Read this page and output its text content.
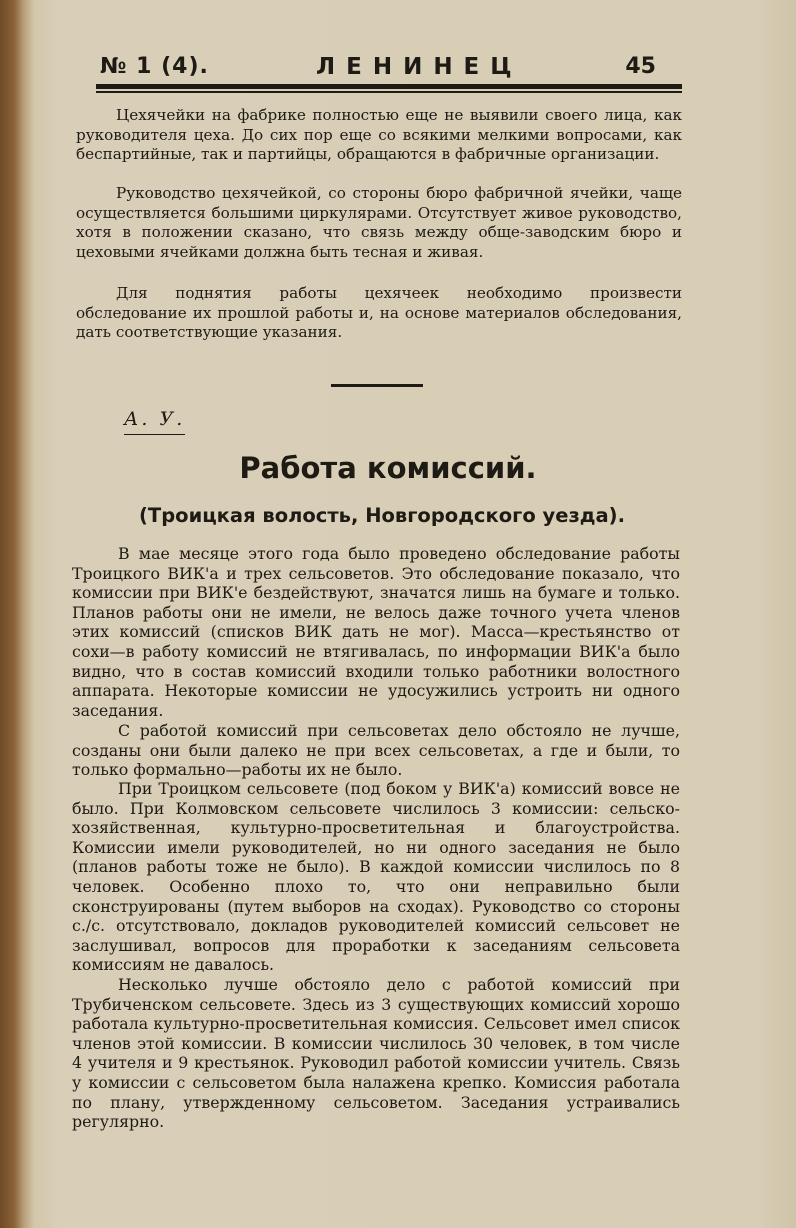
№ 1 (4).	ЛЕНИНЕЦ	45

Цехячейки на фабрике полностью еще не выявили своего лица, как руководителя цеха. До сих пор еще со всякими мелкими вопросами, как беспартийные, так и партийцы, обращаются в фабричные организации.

Руководство цехячейкой, со стороны бюро фабричной ячейки, чаще осуществляется большими циркулярами. Отсутствует живое руководство, хотя в положении сказано, что связь между обще-заводским бюро и цеховыми ячейками должна быть тесная и живая.

Для поднятия работы цехячеек необходимо произвести обследование их прошлой работы и, на основе материалов обследования, дать соответствующие указания.

А. У.
Работа комиссий.
(Троицкая волость, Новгородского уезда).

В мае месяце этого года было проведено обследование работы Троицкого ВИК'а и трех сельсоветов. Это обследование показало, что комиссии при ВИК'е бездействуют, значатся лишь на бумаге и только. Планов работы они не имели, не велось даже точного учета членов этих комиссий (списков ВИК дать не мог). Масса—крестьянство от сохи—в работу комиссий не втягивалась, по информации ВИК'а было видно, что в состав комиссий входили только работники волостного аппарата. Некоторые комиссии не удосужились устроить ни одного заседания.

С работой комиссий при сельсоветах дело обстояло не лучше, созданы они были далеко не при всех сельсоветах, а где и были, то только формально—работы их не было.

При Троицком сельсовете (под боком у ВИК'а) комиссий вовсе не было. При Колмовском сельсовете числилось 3 комиссии: сельско-хозяйственная, культурно-просветительная и благоустройства. Комиссии имели руководителей, но ни одного заседания не было (планов работы тоже не было). В каждой комиссии числилось по 8 человек. Особенно плохо то, что они неправильно были сконструированы (путем выборов на сходах). Руководство со стороны с./с. отсутствовало, докладов руководителей комиссий сельсовет не заслушивал, вопросов для проработки к заседаниям сельсовета комиссиям не давалось.

Несколько лучше обстояло дело с работой комиссий при Трубиченском сельсовете. Здесь из 3 существующих комиссий хорошо работала культурно-просветительная комиссия. Сельсовет имел список членов этой комиссии. В комиссии числилось 30 человек, в том числе 4 учителя и 9 крестьянок. Руководил работой комиссии учитель. Связь у комиссии с сельсоветом была налажена крепко. Комиссия работала по плану, утвержденному сельсоветом. Заседания устраивались регулярно.
